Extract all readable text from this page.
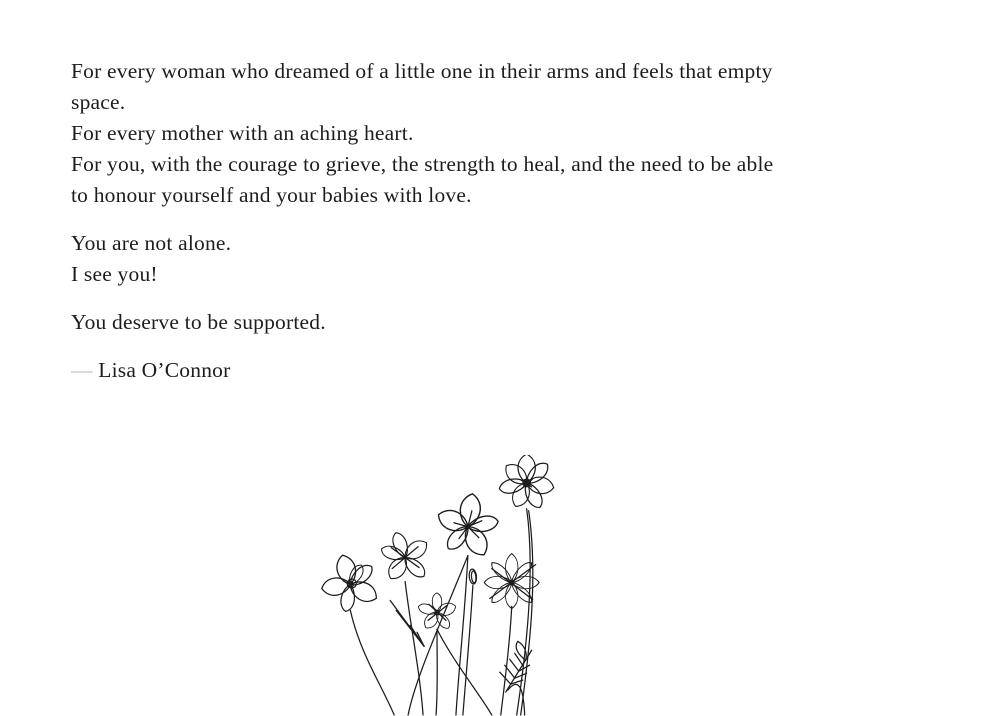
For every woman who dreamed of a little one in their arms and feels that empty
space.
For every mother with an aching heart.
For you, with the courage to grieve, the strength to heal, and the need to be able
to honour yourself and your babies with love.

You are not alone.
I see you!

You deserve to be supported.

— Lisa O’Connor
